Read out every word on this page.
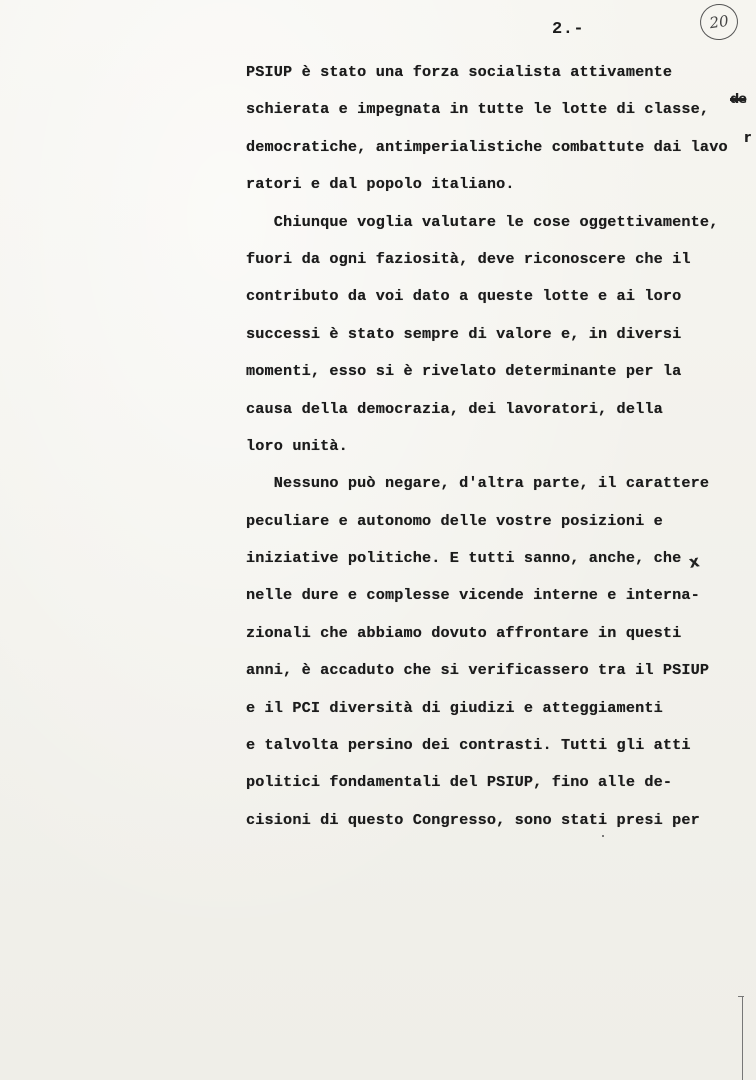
2.-	20
PSIUP è stato una forza socialista attivamente
schierata e impegnata in tutte le lotte di classe,
democratiche, antimperialistiche combattute dai lavo
ratori e dal popolo italiano.
Chiunque voglia valutare le cose oggettivamente,
fuori da ogni faziosità, deve riconoscere che il
contributo da voi dato a queste lotte e ai loro
successi è stato sempre di valore e, in diversi
momenti, esso si è rivelato determinante per la
causa della democrazia, dei lavoratori, della
loro unità.
Nessuno può negare, d'altra parte, il carattere
peculiare e autonomo delle vostre posizioni e
iniziative politiche. E tutti sanno, anche, che
nelle dure e complesse vicende interne e interna-
zionali che abbiamo dovuto affrontare in questi
anni, è accaduto che si verificassero tra il PSIUP
e il PCI diversità di giudizi e atteggiamenti
e talvolta persino dei contrasti. Tutti gli atti
politici fondamentali del PSIUP, fino alle de-
cisioni di questo Congresso, sono stati presi per
de
r
x
